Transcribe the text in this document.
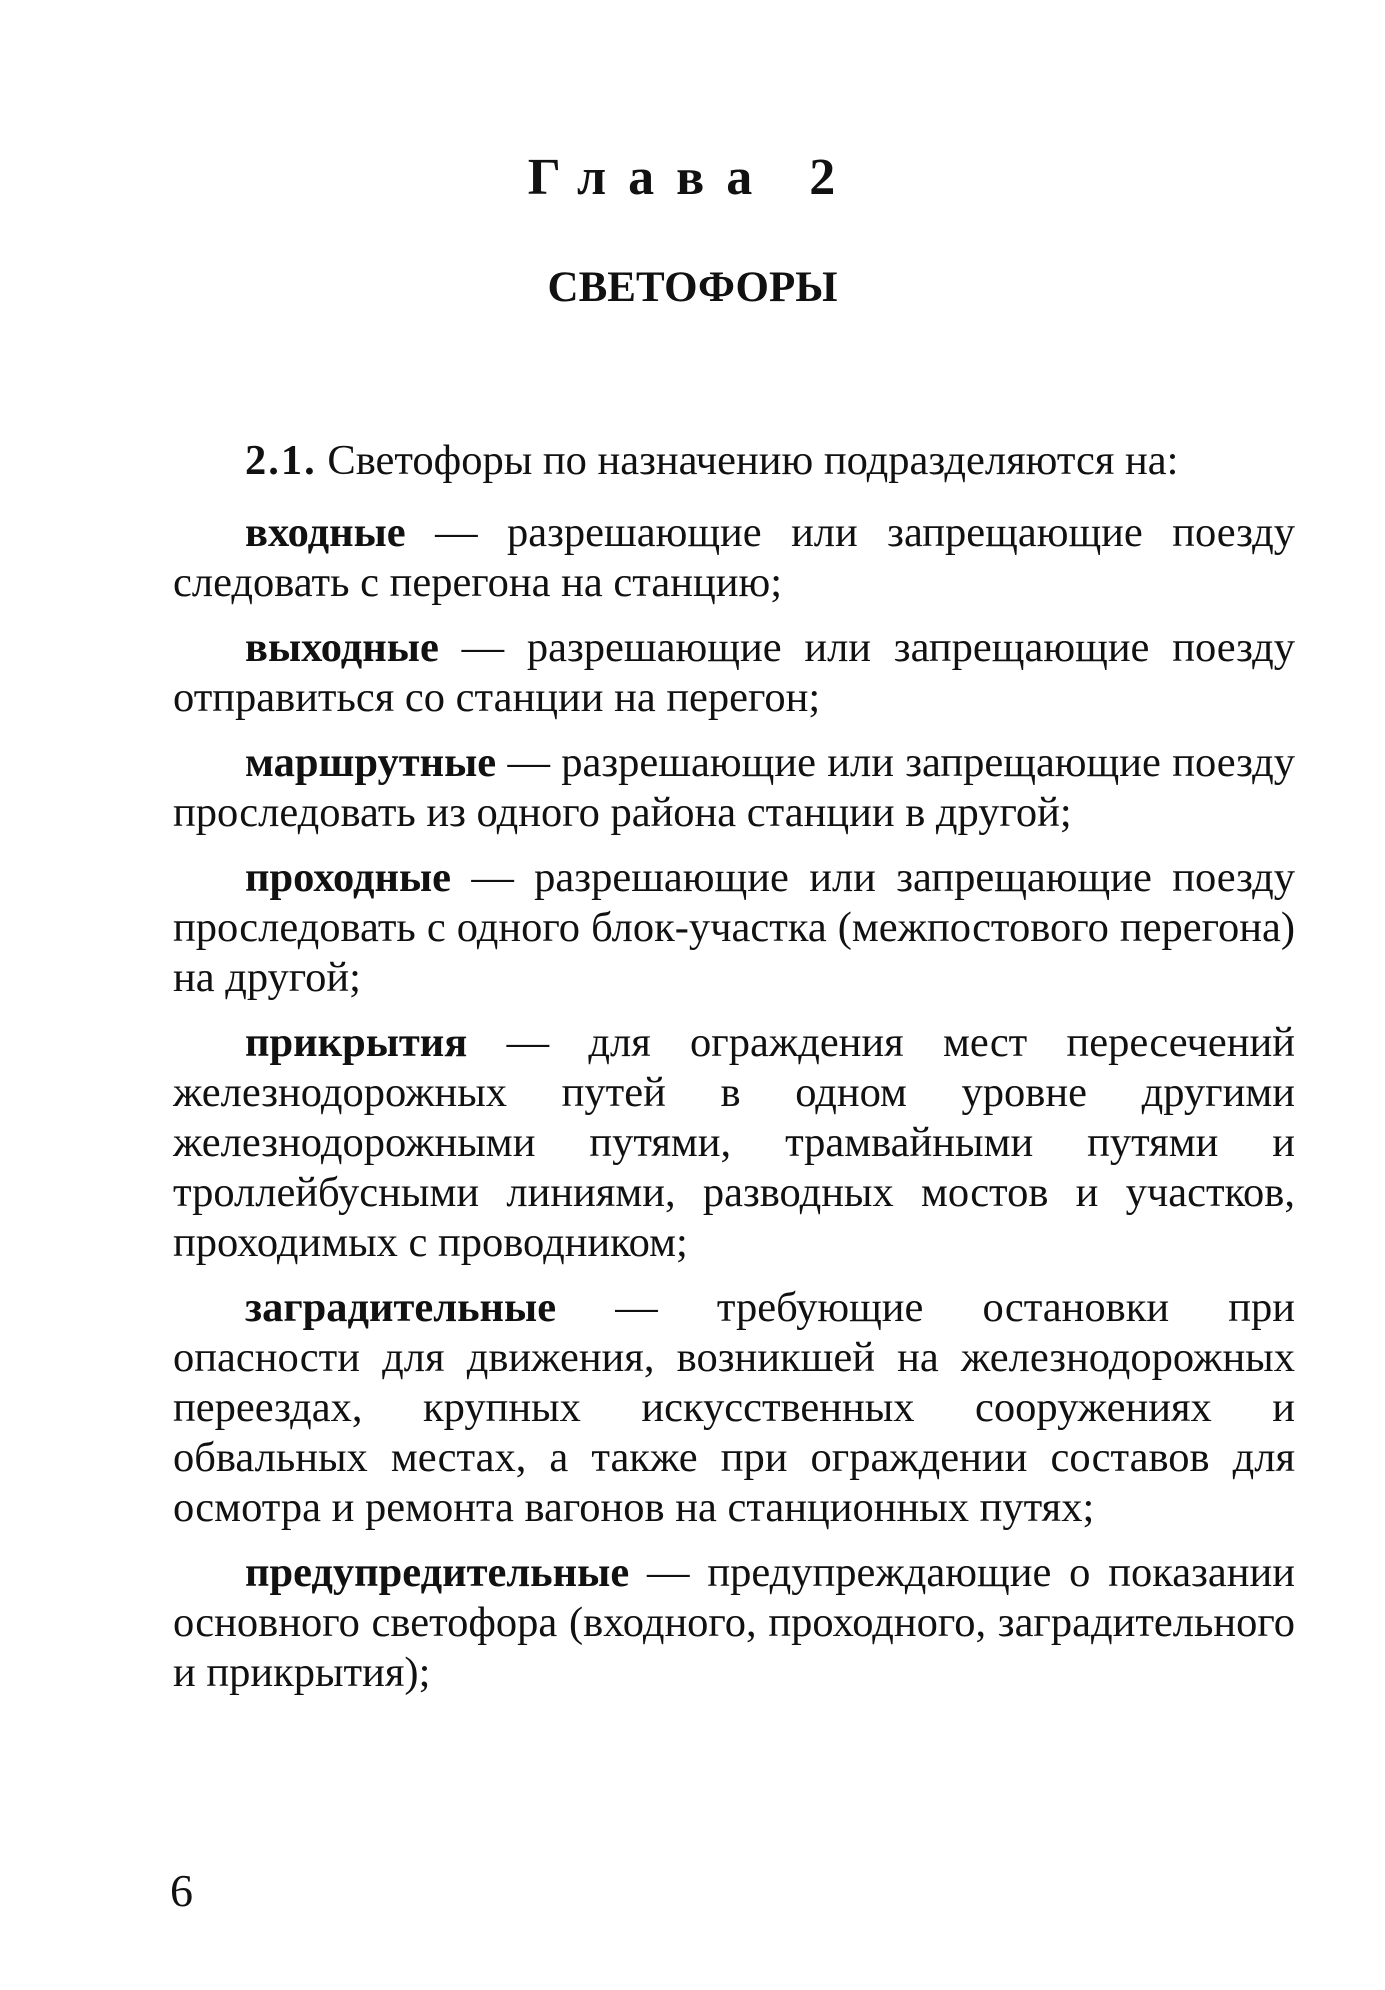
Глава 2
СВЕТОФОРЫ

2.1. Светофоры по назначению подразделяются на:

входные — разрешающие или запрещающие поезду следовать с перегона на станцию;

выходные — разрешающие или запрещающие поезду отправиться со станции на перегон;

маршрутные — разрешающие или запрещающие поезду проследовать из одного района станции в другой;

проходные — разрешающие или запрещающие поезду проследовать с одного блок-участка (межпостового перегона) на другой;

прикрытия — для ограждения мест пересечений железнодорожных путей в одном уровне другими железнодорожными путями, трамвайными путями и троллейбусными линиями, разводных мостов и участков, проходимых с проводником;

заградительные — требующие остановки при опасности для движения, возникшей на железнодорожных переездах, крупных искусственных сооружениях и обвальных местах, а также при ограждении составов для осмотра и ремонта вагонов на станционных путях;

предупредительные — предупреждающие о показании основного светофора (входного, проходного, заградительного и прикрытия);

6
